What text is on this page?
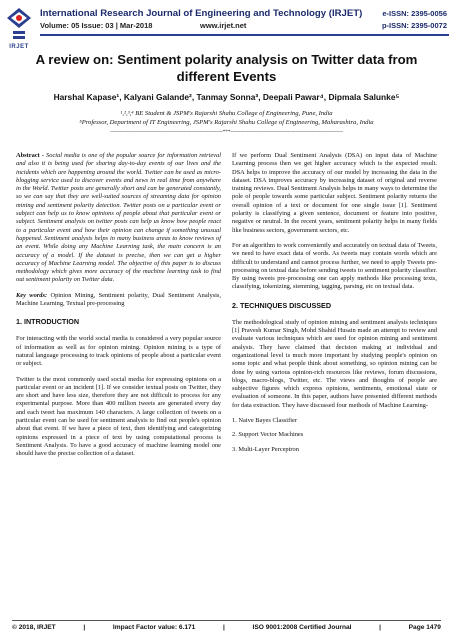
IRJET
International Research Journal of Engineering and Technology (IRJET)
Volume: 05 Issue: 03 | Mar-2018	www.irjet.net
e-ISSN: 2395-0056
p-ISSN: 2395-0072
A review on: Sentiment polarity analysis on Twitter data from different Events
Harshal Kapase¹, Kalyani Galande², Tanmay Sonna³, Deepali Pawar⁴, Dipmala Salunke⁵
¹,²,³,⁴ BE Student & JSPM's Rajarshi Shahu College of Engineering, Pune, India
⁵Professor, Department of IT Engineering, JSPM's Rajarshi Shahu College of Engineering, Maharashtra, India
---------------------------------------------------------------------***---------------------------------------------------------------------

Abstract - Social media is one of the popular source for information retrieval and also it is being used for sharing day-to-day events of our lives and the incidents which are happening around the world. Twitter can be used as micro-blogging service used to discover events and news in real time from anywhere in the World. Twitter posts are generally short and can be generated constantly, so we can say that they are well-suited sources of streaming data for opinion mining and sentiment polarity detection. Twitter posts on a particular event or subject can help us to know opinions of people about that particular event or subject. Sentiment analysis on twitter posts can help us know how people react to a particular event and how their opinion can change if something unusual happened. Sentiment analysis helps in many business areas to know reviews of an event. While doing any Machine Learning task, the main concern is an accuracy of a model. If the dataset is precise, then we can get a higher accuracy of Machine Learning model. The objective of this paper is to discuss methodology which gives more accuracy of the machine learning task to find out sentiment polarity on Twitter data.

Key words: Opinion Mining, Sentiment polarity, Dual Sentiment Analysis, Machine Learning, Textual pre-processing

1. INTRODUCTION

For interacting with the world social media is considered a very popular source of information as well as for opinion mining. Opinion mining is a type of natural language processing to track opinions of people about a particular event or subject.

Twitter is the most commonly used social media for expressing opinions on a particular event or an incident [1]. If we consider textual posts on Twitter, they are short and have less size, therefore they are not difficult to process for any experimental purpose. More than 400 million tweets are generated every day and each tweet has maximum 140 characters. A large collection of tweets on a particular event can be used for sentiment analysis to find out people's opinion about that event. If we have a piece of text, then identifying and categorizing opinions expressed in a piece of text by using computational process is Sentiment Analysis. To have a good accuracy of machine learning model one should have the precise collection of a dataset.

If we perform Dual Sentiment Analysis (DSA) on input data of Machine Learning process then we get higher accuracy which is the expected result. DSA helps to improve the accuracy of our model by increasing the data in the dataset. DSA improves accuracy by increasing dataset of original and reverse training reviews. Dual Sentiment Analysis helps in many ways to determine the pole of people towards some particular subject. Sentiment polarity returns the overall opinion of a text or document for one single issue [1]. Sentiment polarity is classifying a given sentence, document or feature into positive, negative or neutral. In the recent years, sentiment polarity helps in many fields like business sectors, government sectors, etc.

For an algorithm to work conveniently and accurately on textual data of Tweets, we need to have exact data of words. As tweets may contain words which are difficult to understand and cannot process further, we need to apply Tweets pre-processing on textual data before sending tweets to sentiment polarity classifier. By using tweets pre-processing one can apply methods like processing texts, classifying, tokenizing, stemming, tagging, parsing, etc on textual data.

2. TECHNIQUES DISCUSSED

The methodological study of opinion mining and sentiment analysis techniques [1] Pravesh Kumar Singh, Mohd Shahid Husain made an attempt to review and evaluate various techniques which are used for opinion mining and sentiment analysis. They have claimed that decision making at individual and organizational level is much more important by studying people's opinion on some topic and what people think about something, so opinion mining can be done by using various opinion-rich resources like reviews, forum discussions, blogs, macro-blogs, Twitter, etc. The views and thoughts of people are subjective figures which express opinions, sentiments, emotional state or evaluation of someone. In this paper, authors have presented different methods for data extraction. They have discussed four methods of Machine Learning-

1. Naive Bayes Classifier
2. Support Vector Machines
3. Multi-Layer Perceptron
© 2018, IRJET	|	Impact Factor value: 6.171	|	ISO 9001:2008 Certified Journal	|	Page 1479
